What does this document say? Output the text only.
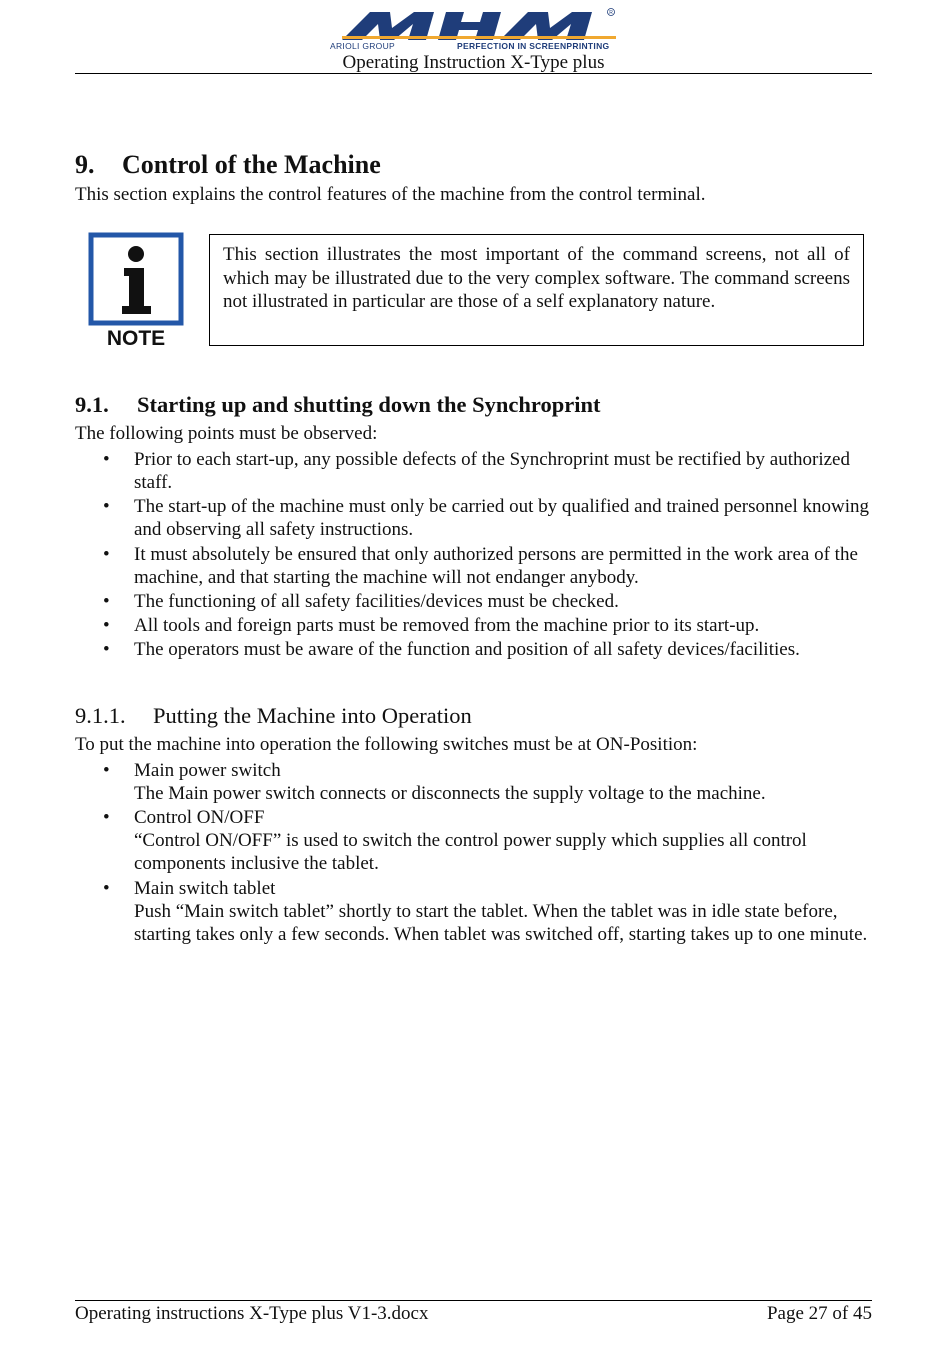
R
ARIOLI GROUP	PERFECTION IN SCREENPRINTING
Operating Instruction X-Type plus
9. Control of the Machine

This section explains the control features of the machine from the control terminal.

NOTE

This section illustrates the most important of the command screens, not all of which may be illustrated due to the very complex software. The command screens not illustrated in particular are those of a self explanatory nature.

9.1. Starting up and shutting down the Synchroprint

The following points must be observed:

• Prior to each start-up, any possible defects of the Synchroprint must be rectified by authorized staff.
• The start-up of the machine must only be carried out by qualified and trained personnel knowing and observing all safety instructions.
• It must absolutely be ensured that only authorized persons are permitted in the work area of the machine, and that starting the machine will not endanger anybody.
• The functioning of all safety facilities/devices must be checked.
• All tools and foreign parts must be removed from the machine prior to its start-up.
• The operators must be aware of the function and position of all safety devices/facilities.
9.1.1. Putting the Machine into Operation

To put the machine into operation the following switches must be at ON-Position:

• Main power switch
The Main power switch connects or disconnects the supply voltage to the machine.
• Control ON/OFF
“Control ON/OFF” is used to switch the control power supply which supplies all control components inclusive the tablet.
• Main switch tablet
Push “Main switch tablet” shortly to start the tablet. When the tablet was in idle state before, starting takes only a few seconds. When tablet was switched off, starting takes up to one minute.
Operating instructions X-Type plus V1-3.docx	Page 27 of 45
